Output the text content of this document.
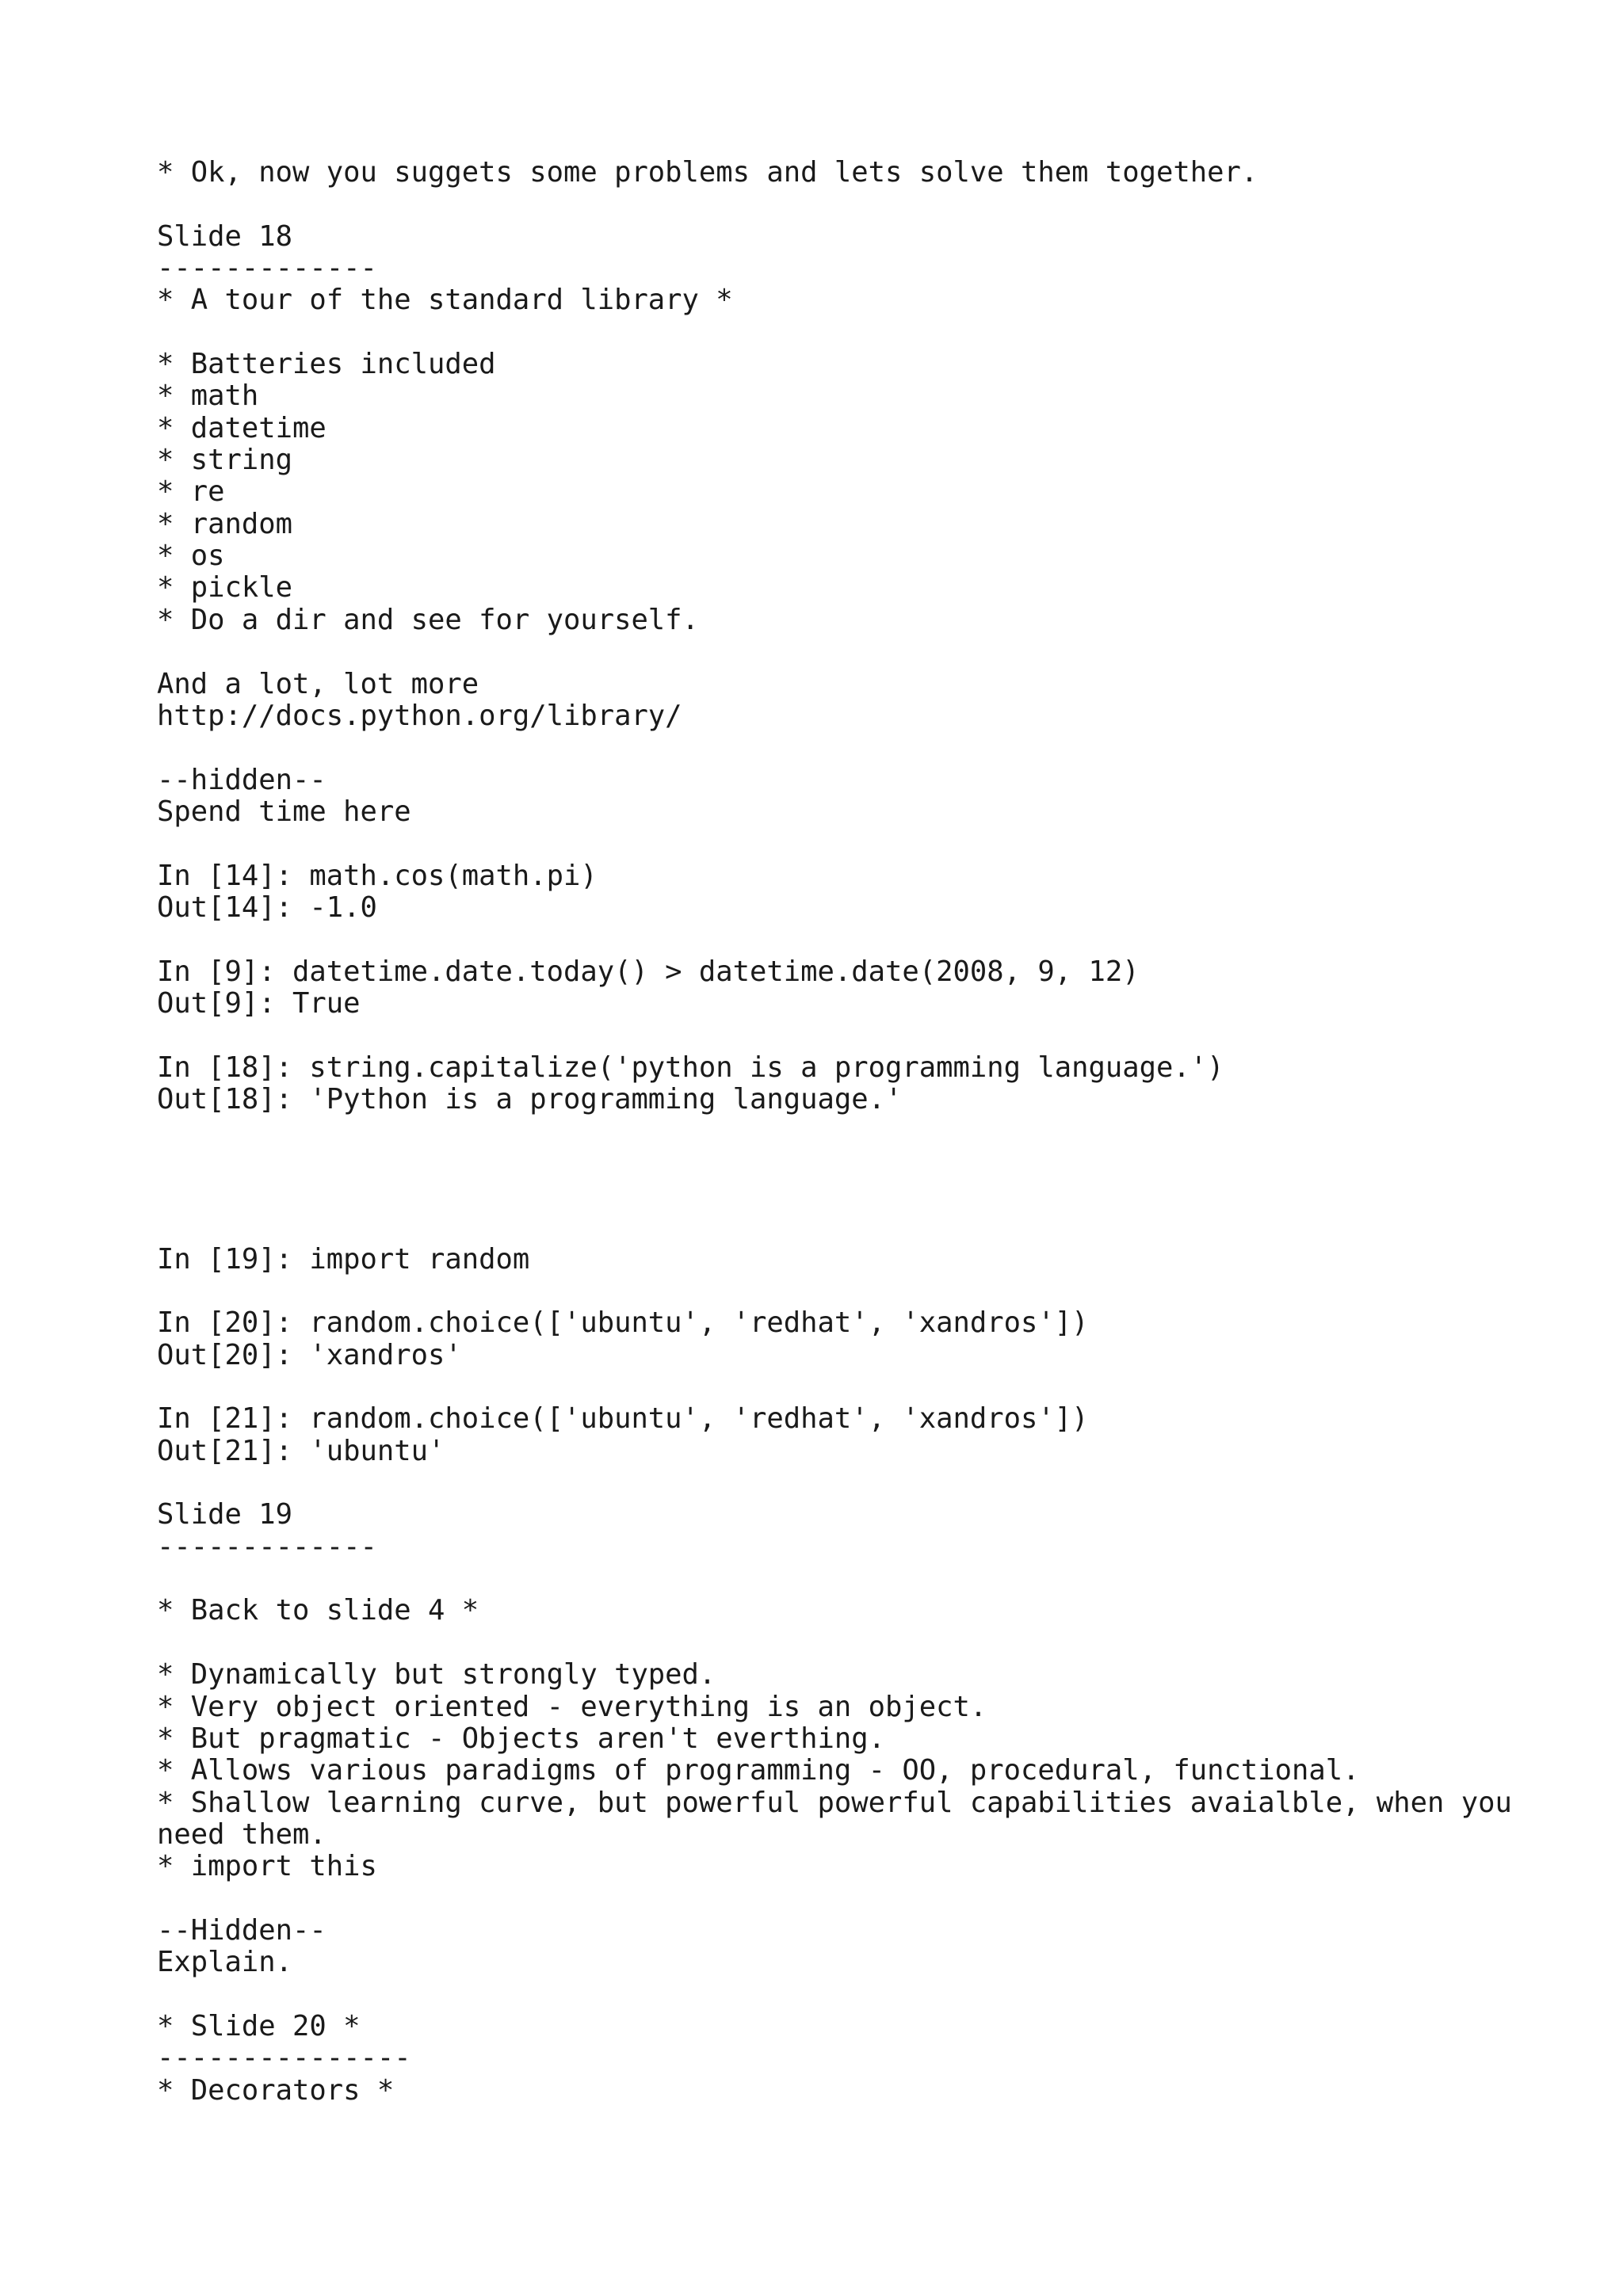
* Ok, now you suggets some problems and lets solve them together.
Slide 18
-------------
* A tour of the standard library *
* Batteries included
* math
* datetime
* string
* re
* random
* os
* pickle
* Do a dir and see for yourself.
And a lot, lot more
http://docs.python.org/library/
--hidden--
Spend time here
In [14]: math.cos(math.pi)
Out[14]: -1.0
In [9]: datetime.date.today() > datetime.date(2008, 9, 12)
Out[9]: True
In [18]: string.capitalize('python is a programming language.')
Out[18]: 'Python is a programming language.'
In [19]: import random
In [20]: random.choice(['ubuntu', 'redhat', 'xandros'])
Out[20]: 'xandros'
In [21]: random.choice(['ubuntu', 'redhat', 'xandros'])
Out[21]: 'ubuntu'
Slide 19
-------------
* Back to slide 4 *
* Dynamically but strongly typed.
* Very object oriented - everything is an object.
* But pragmatic - Objects aren't everthing.
* Allows various paradigms of programming - OO, procedural, functional.
* Shallow learning curve, but powerful powerful capabilities avaialble, when you
need them.
* import this
--Hidden--
Explain.
* Slide 20 *
---------------
* Decorators *
